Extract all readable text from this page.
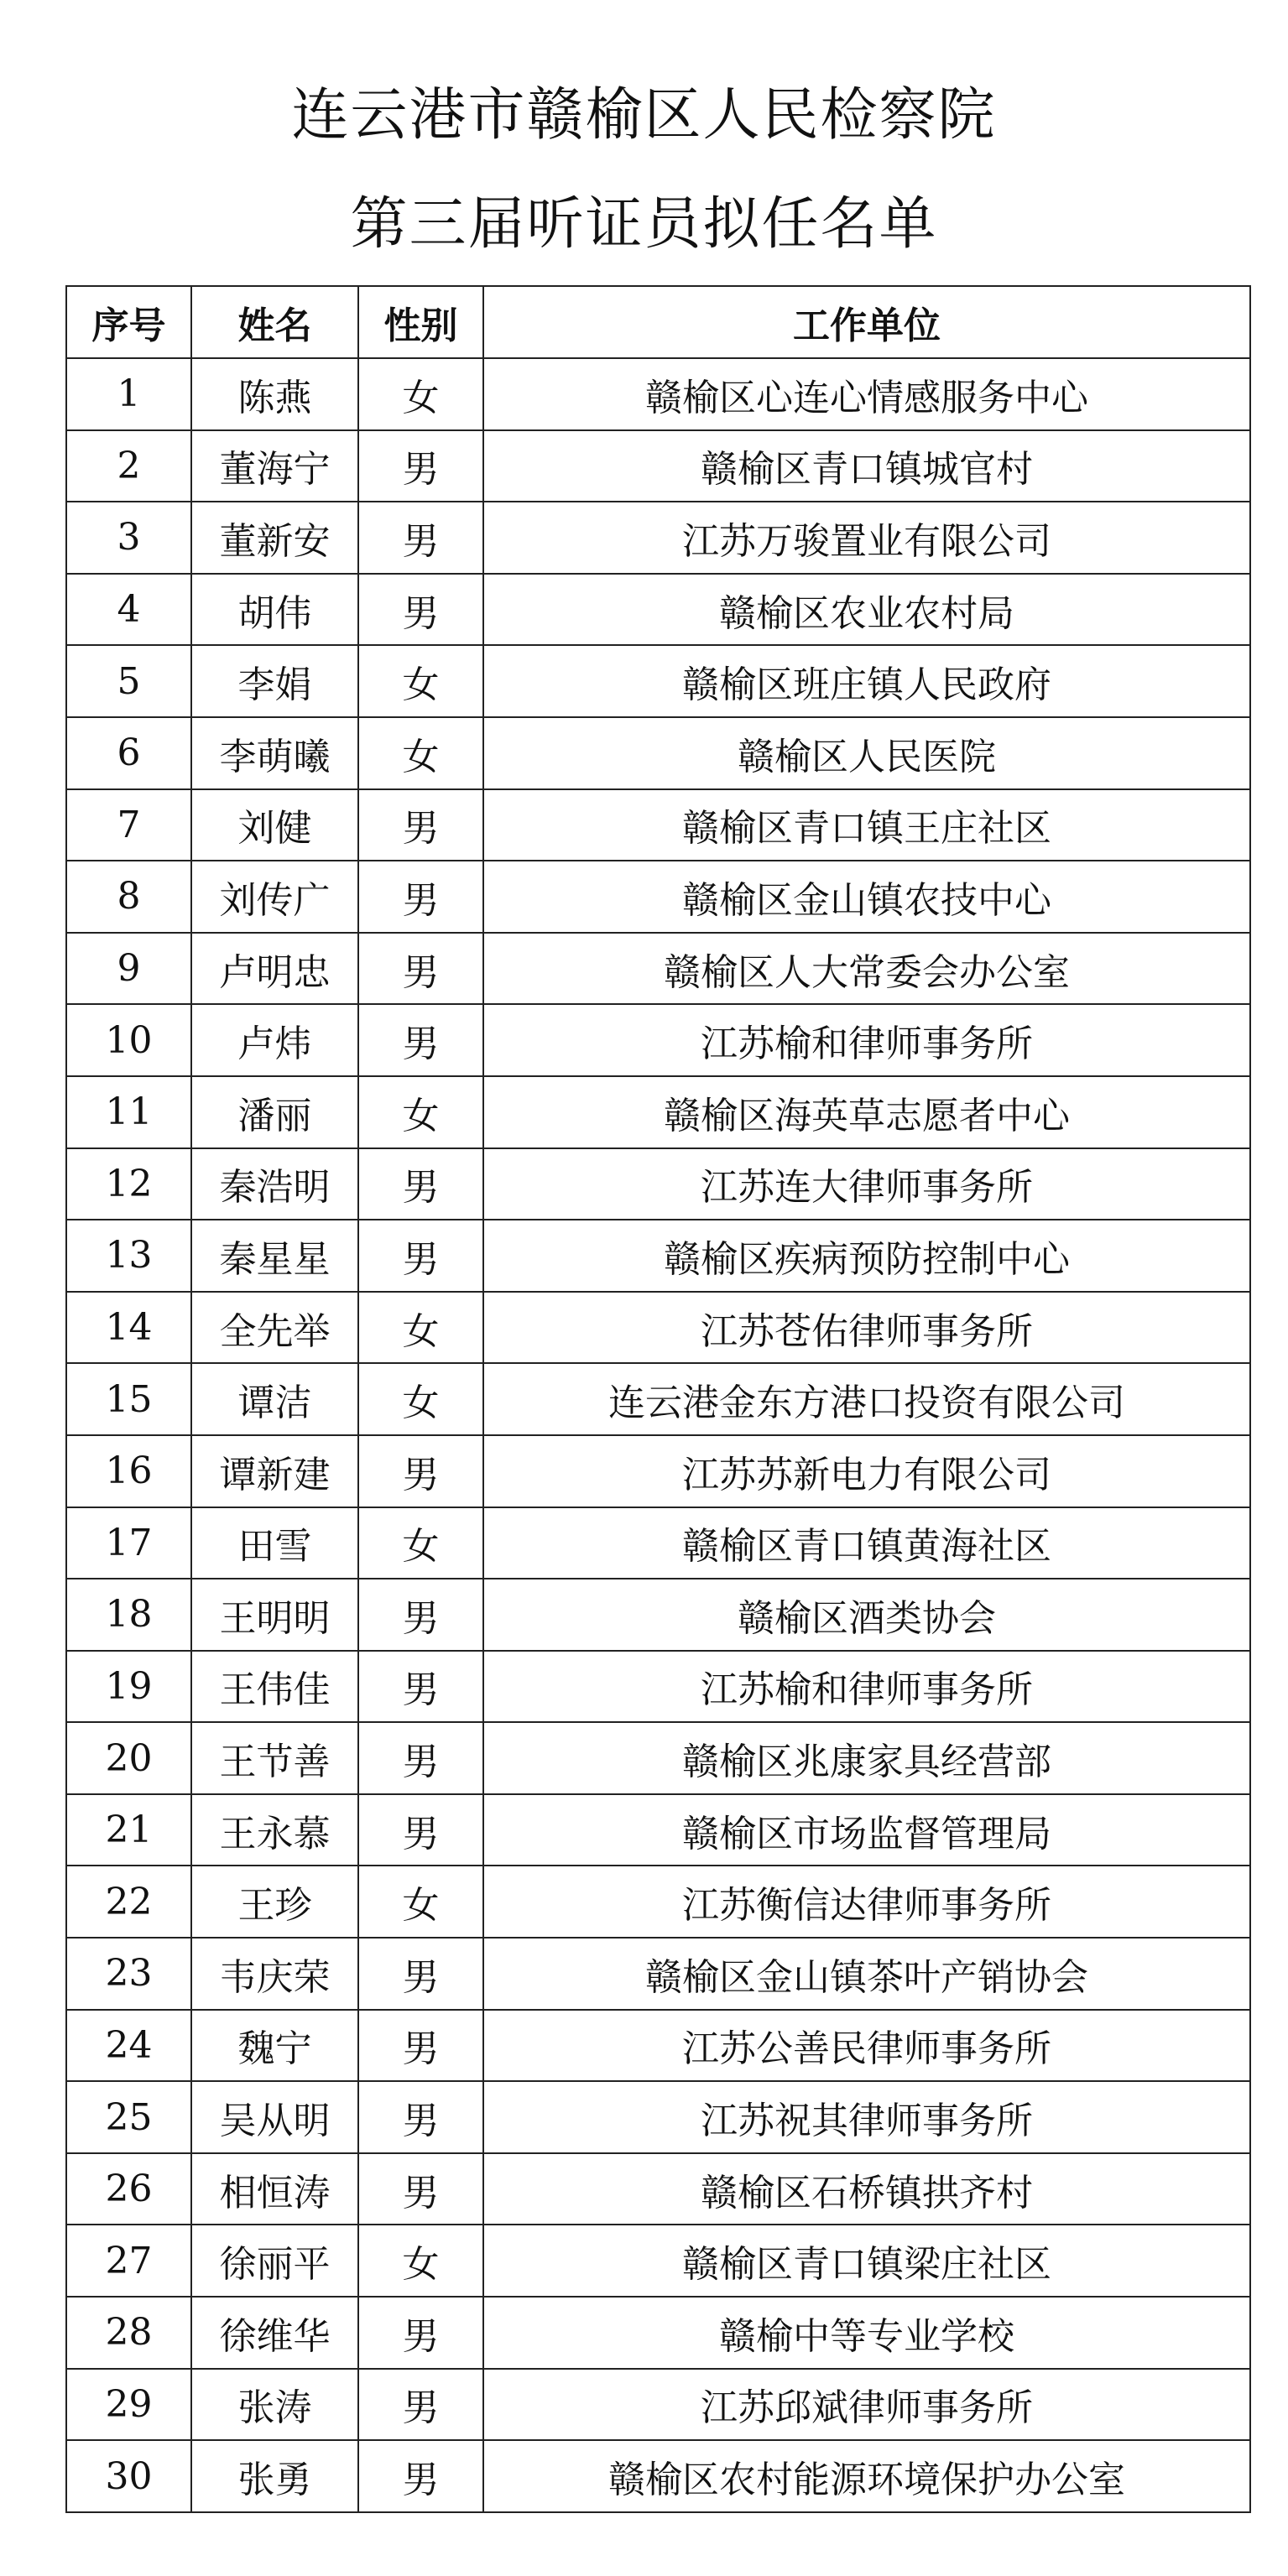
连云港市赣榆区人民检察院
第三届听证员拟任名单
序号	姓名	性别	工作单位
1	陈燕	女	赣榆区心连心情感服务中心
2	董海宁	男	赣榆区青口镇城官村
3	董新安	男	江苏万骏置业有限公司
4	胡伟	男	赣榆区农业农村局
5	李娟	女	赣榆区班庄镇人民政府
6	李萌曦	女	赣榆区人民医院
7	刘健	男	赣榆区青口镇王庄社区
8	刘传广	男	赣榆区金山镇农技中心
9	卢明忠	男	赣榆区人大常委会办公室
10	卢炜	男	江苏榆和律师事务所
11	潘丽	女	赣榆区海英草志愿者中心
12	秦浩明	男	江苏连大律师事务所
13	秦星星	男	赣榆区疾病预防控制中心
14	全先举	女	江苏苍佑律师事务所
15	谭洁	女	连云港金东方港口投资有限公司
16	谭新建	男	江苏苏新电力有限公司
17	田雪	女	赣榆区青口镇黄海社区
18	王明明	男	赣榆区酒类协会
19	王伟佳	男	江苏榆和律师事务所
20	王节善	男	赣榆区兆康家具经营部
21	王永慕	男	赣榆区市场监督管理局
22	王珍	女	江苏衡信达律师事务所
23	韦庆荣	男	赣榆区金山镇茶叶产销协会
24	魏宁	男	江苏公善民律师事务所
25	吴从明	男	江苏祝其律师事务所
26	相恒涛	男	赣榆区石桥镇拱齐村
27	徐丽平	女	赣榆区青口镇梁庄社区
28	徐维华	男	赣榆中等专业学校
29	张涛	男	江苏邱斌律师事务所
30	张勇	男	赣榆区农村能源环境保护办公室
